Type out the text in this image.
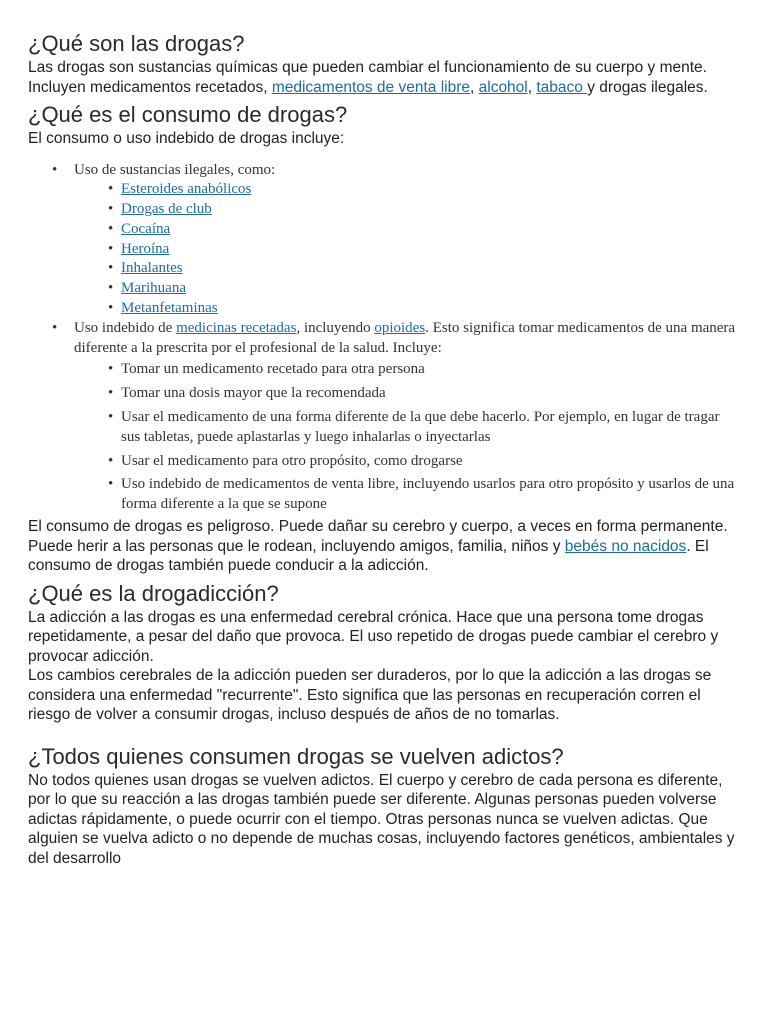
¿Qué son las drogas?

Las drogas son sustancias químicas que pueden cambiar el funcionamiento de su cuerpo y mente. Incluyen medicamentos recetados, medicamentos de venta libre, alcohol, tabaco y drogas ilegales.

¿Qué es el consumo de drogas?

El consumo o uso indebido de drogas incluye:

• Uso de sustancias ilegales, como:
• Esteroides anabólicos
• Drogas de club
• Cocaína
• Heroína
• Inhalantes
• Marihuana
• Metanfetaminas
• Uso indebido de medicinas recetadas, incluyendo opioides. Esto significa tomar medicamentos de una manera diferente a la prescrita por el profesional de la salud. Incluye:
• Tomar un medicamento recetado para otra persona
• Tomar una dosis mayor que la recomendada
• Usar el medicamento de una forma diferente de la que debe hacerlo. Por ejemplo, en lugar de tragar sus tabletas, puede aplastarlas y luego inhalarlas o inyectarlas
• Usar el medicamento para otro propósito, como drogarse
• Uso indebido de medicamentos de venta libre, incluyendo usarlos para otro propósito y usarlos de una forma diferente a la que se supone

El consumo de drogas es peligroso. Puede dañar su cerebro y cuerpo, a veces en forma permanente. Puede herir a las personas que le rodean, incluyendo amigos, familia, niños y bebés no nacidos. El consumo de drogas también puede conducir a la adicción.

¿Qué es la drogadicción?

La adicción a las drogas es una enfermedad cerebral crónica. Hace que una persona tome drogas repetidamente, a pesar del daño que provoca. El uso repetido de drogas puede cambiar el cerebro y provocar adicción.

Los cambios cerebrales de la adicción pueden ser duraderos, por lo que la adicción a las drogas se considera una enfermedad "recurrente". Esto significa que las personas en recuperación corren el riesgo de volver a consumir drogas, incluso después de años de no tomarlas.

¿Todos quienes consumen drogas se vuelven adictos?

No todos quienes usan drogas se vuelven adictos. El cuerpo y cerebro de cada persona es diferente, por lo que su reacción a las drogas también puede ser diferente. Algunas personas pueden volverse adictas rápidamente, o puede ocurrir con el tiempo. Otras personas nunca se vuelven adictas. Que alguien se vuelva adicto o no depende de muchas cosas, incluyendo factores genéticos, ambientales y del desarrollo
